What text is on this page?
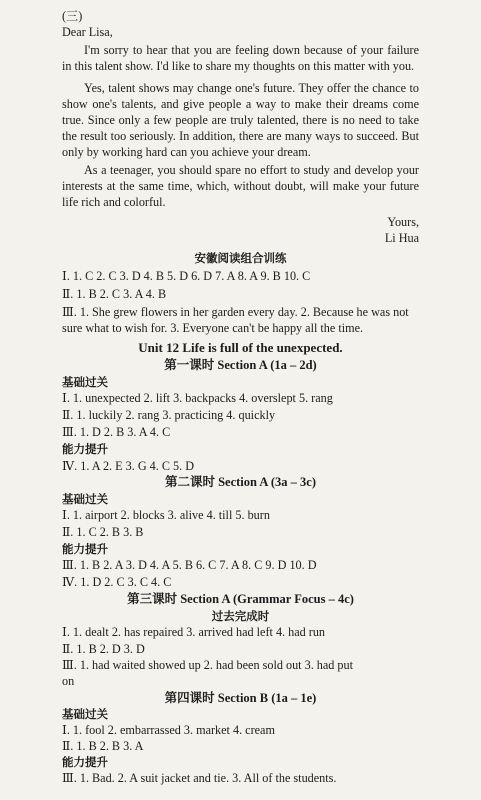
(三)
Dear Lisa,
I'm sorry to hear that you are feeling down because of your failure in this talent show. I'd like to share my thoughts on this matter with you.
Yes, talent shows may change one's future. They offer the chance to show one's talents, and give people a way to make their dreams come true. Since only a few people are truly talented, there is no need to take the result too seriously. In addition, there are many ways to succeed. But only by working hard can you achieve your dream.
As a teenager, you should spare no effort to study and develop your interests at the same time, which, without doubt, will make your future life rich and colorful.
Yours,
Li Hua
安徽阅读组合训练
Ⅰ. 1. C 2. C 3. D 4. B 5. D 6. D 7. A 8. A 9. B 10. C
Ⅱ. 1. B 2. C 3. A 4. B
Ⅲ. 1. She grew flowers in her garden every day. 2. Because he was not
sure what to wish for. 3. Everyone can't be happy all the time.
Unit 12 Life is full of the unexpected.
第一课时 Section A (1a – 2d)
基础过关
Ⅰ. 1. unexpected 2. lift 3. backpacks 4. overslept 5. rang
Ⅱ. 1. luckily 2. rang 3. practicing 4. quickly
Ⅲ. 1. D 2. B 3. A 4. C
能力提升
Ⅳ. 1. A 2. E 3. G 4. C 5. D
第二课时 Section A (3a – 3c)
基础过关
Ⅰ. 1. airport 2. blocks 3. alive 4. till 5. burn
Ⅱ. 1. C 2. B 3. B
能力提升
Ⅲ. 1. B 2. A 3. D 4. A 5. B 6. C 7. A 8. C 9. D 10. D
Ⅳ. 1. D 2. C 3. C 4. C
第三课时 Section A (Grammar Focus – 4c)
过去完成时
Ⅰ. 1. dealt 2. has repaired 3. arrived had left 4. had run
Ⅱ. 1. B 2. D 3. D
Ⅲ. 1. had waited showed up 2. had been sold out 3. had put
on
第四课时 Section B (1a – 1e)
基础过关
Ⅰ. 1. fool 2. embarrassed 3. market 4. cream
Ⅱ. 1. B 2. B 3. A
能力提升
Ⅲ. 1. Bad. 2. A suit jacket and tie. 3. All of the students.
